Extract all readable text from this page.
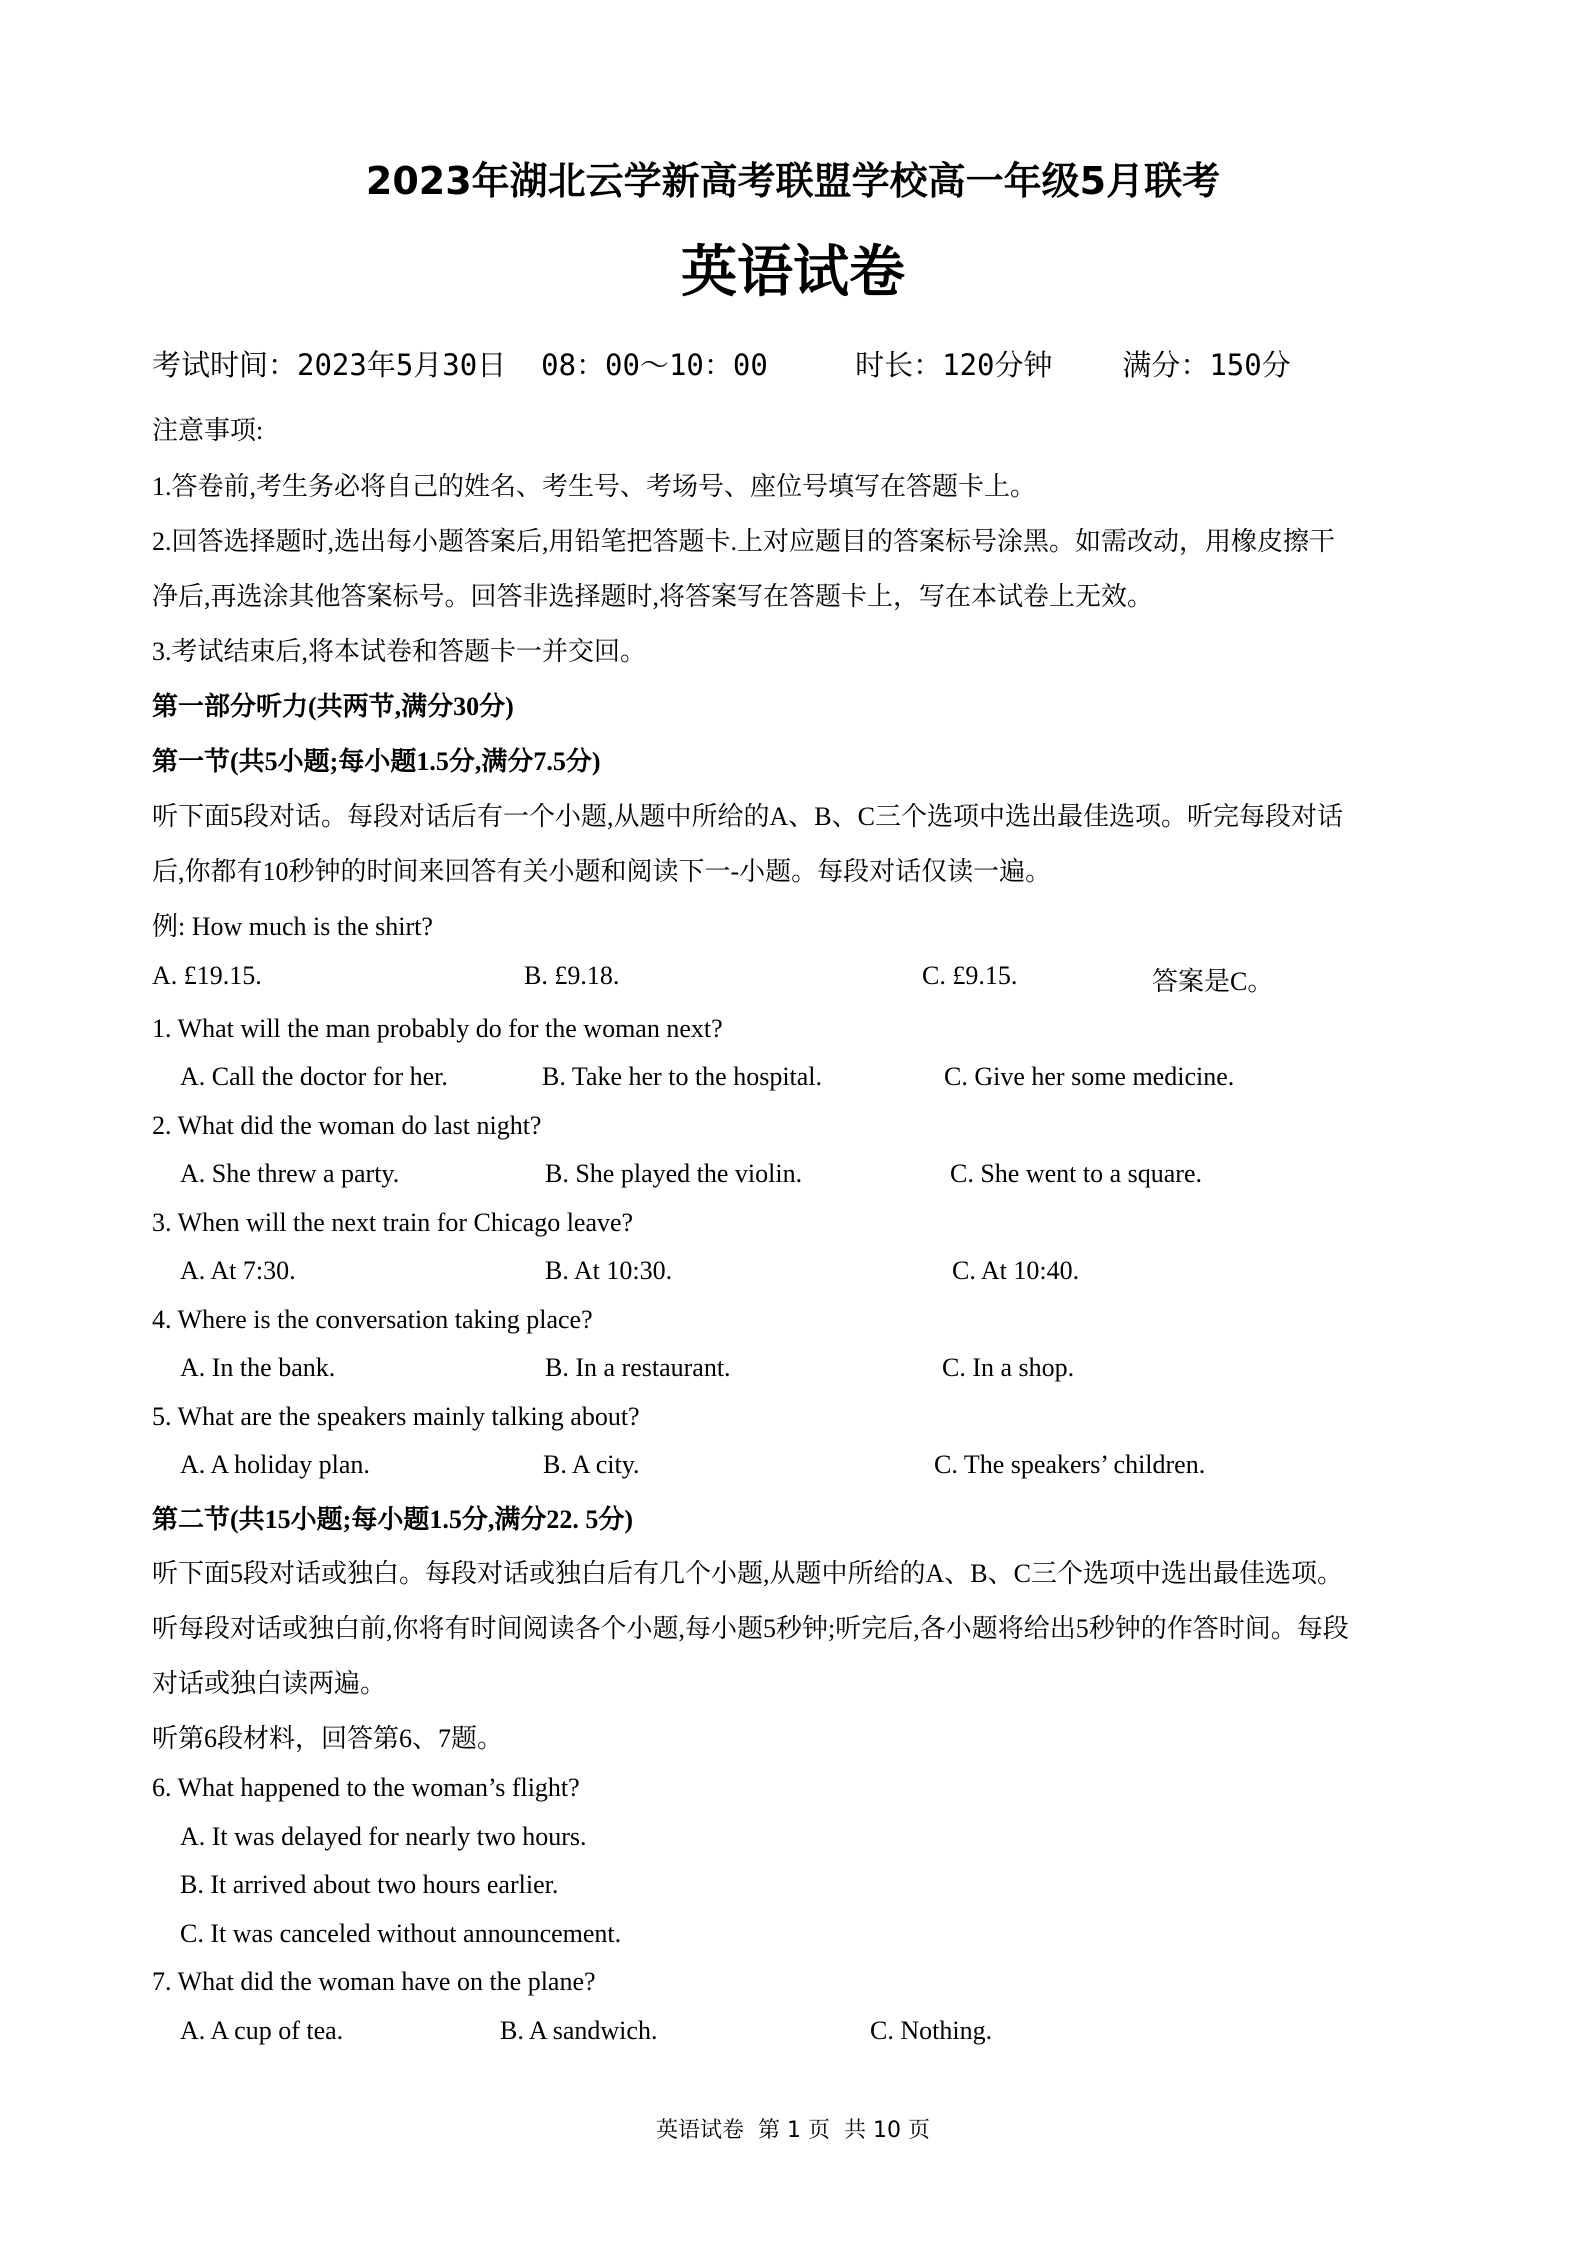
2023年湖北云学新高考联盟学校高一年级5月联考
英语试卷
考试时间：2023年5月30日  08：00～10：00     时长：120分钟    满分：150分
注意事项:
1.答卷前,考生务必将自己的姓名、考生号、考场号、座位号填写在答题卡上。
2.回答选择题时,选出每小题答案后,用铅笔把答题卡.上对应题目的答案标号涂黑。如需改动，用橡皮擦干
净后,再选涂其他答案标号。回答非选择题时,将答案写在答题卡上，写在本试卷上无效。
3.考试结束后,将本试卷和答题卡一并交回。
第一部分听力(共两节,满分30分)
第一节(共5小题;每小题1.5分,满分7.5分)
听下面5段对话。每段对话后有一个小题,从题中所给的A、B、C三个选项中选出最佳选项。听完每段对话
后,你都有10秒钟的时间来回答有关小题和阅读下一-小题。每段对话仅读一遍。
例: How much is the shirt?
A. £19.15.	B. £9.18.	C. £9.15.	答案是C。
1. What will the man probably do for the woman next?
A. Call the doctor for her.	B. Take her to the hospital.	C. Give her some medicine.
2. What did the woman do last night?
A. She threw a party.	B. She played the violin.	C. She went to a square.
3. When will the next train for Chicago leave?
A. At 7:30.	B. At 10:30.	C. At 10:40.
4. Where is the conversation taking place?
A. In the bank.	B. In a restaurant.	C. In a shop.
5. What are the speakers mainly talking about?
A. A holiday plan.	B. A city.	C. The speakers’ children.
第二节(共15小题;每小题1.5分,满分22. 5分)
听下面5段对话或独白。每段对话或独白后有几个小题,从题中所给的A、B、C三个选项中选出最佳选项。
听每段对话或独白前,你将有时间阅读各个小题,每小题5秒钟;听完后,各小题将给出5秒钟的作答时间。每段
对话或独白读两遍。
听第6段材料，回答第6、7题。
6. What happened to the woman’s flight?
A. It was delayed for nearly two hours.
B. It arrived about two hours earlier.
C. It was canceled without announcement.
7. What did the woman have on the plane?
A. A cup of tea.	B. A sandwich.	C. Nothing.
英语试卷  第 1 页  共 10 页
